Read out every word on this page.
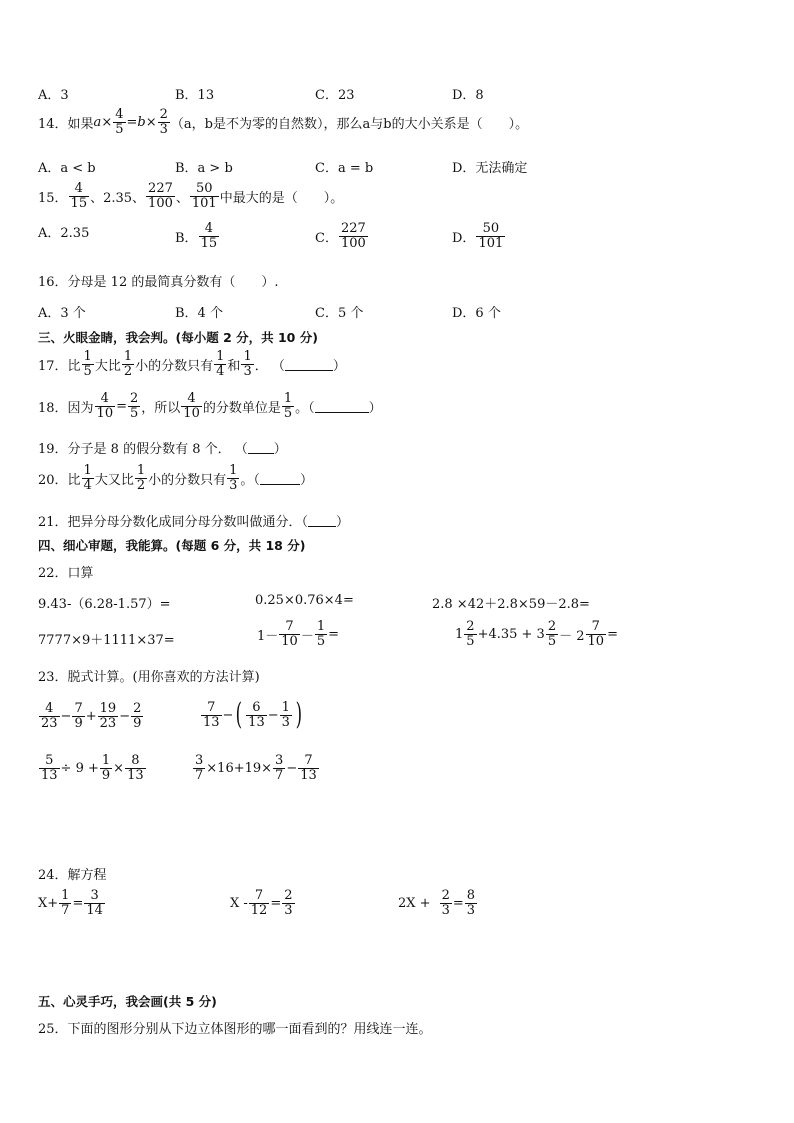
A．3	B．13	C．23	D．8
14．如果 $a \times \frac{4}{5} = b \times \frac{2}{3} (a$，b是不为零的自然数），那么a与b的大小关系是（　　）。
A．a < b	B．a > b	C．a = b	D．无法确定
15． $\frac{4}{15}$ 、2.35、 $\frac{227}{100}$ 、 $\frac{50}{101}$ 中最大的是（　　）。
A．2.35	B． $\frac{4}{15}$	C． $\frac{227}{100}$	D． $\frac{50}{101}$
16．分母是 12 的最简真分数有（　　）.
A．3 个	B．4 个	C．5 个	D．6 个
三、火眼金睛，我会判。(每小题 2 分，共 10 分)
17．比 $\frac{1}{5}$ 大比 $\frac{1}{2}$ 小的分数只有 $\frac{1}{4}$ 和 $\frac{1}{3}$ ． （	）
18．因为 $\frac{4}{10} = \frac{2}{5}$ ，所以 $\frac{4}{10}$ 的分数单位是 $\frac{1}{5}$ 。（	）
19．分子是 8 的假分数有 8 个． （ ）
20．比 $\frac{1}{4}$ 大又比 $\frac{1}{2}$ 小的分数只有 $\frac{1}{3}$ 。（	）
21．把异分母分数化成同分母分数叫做通分．（ ）
四、细心审题，我能算。(每题 6 分，共 18 分)
22．口算
9.43-（6.28-1.57）=	0.25×0.76×4=	2.8 ×42＋2.8×59－2.8=
7777×9＋1111×37=	$1- \frac{7}{10} - \frac{1}{5}$ =	$1 \frac{2}{5} +4.35 + 3 \frac{2}{5} - 2 \frac{7}{10}$ =
23．脱式计算。(用你喜欢的方法计算)
$\frac{4}{23} - \frac{7}{9} + \frac{19}{23} - \frac{2}{9}$	$\frac{7}{13}$ − ( $\frac{6}{13} - \frac{1}{3}$ )
$\frac{5}{13} \div 9 + \frac{1}{9} \times \frac{8}{13}$	$\frac{3}{7} \times 16+19\times \frac{3}{7} - \frac{7}{13}$
24．解方程
$X+ \frac{1}{7} = \frac{3}{14}$	$X - \frac{7}{12} = \frac{2}{3}$	$2X + \frac{2}{3} = \frac{8}{3}$
五、心灵手巧，我会画(共 5 分)
25．下面的图形分别从下边立体图形的哪一面看到的？用线连一连。
